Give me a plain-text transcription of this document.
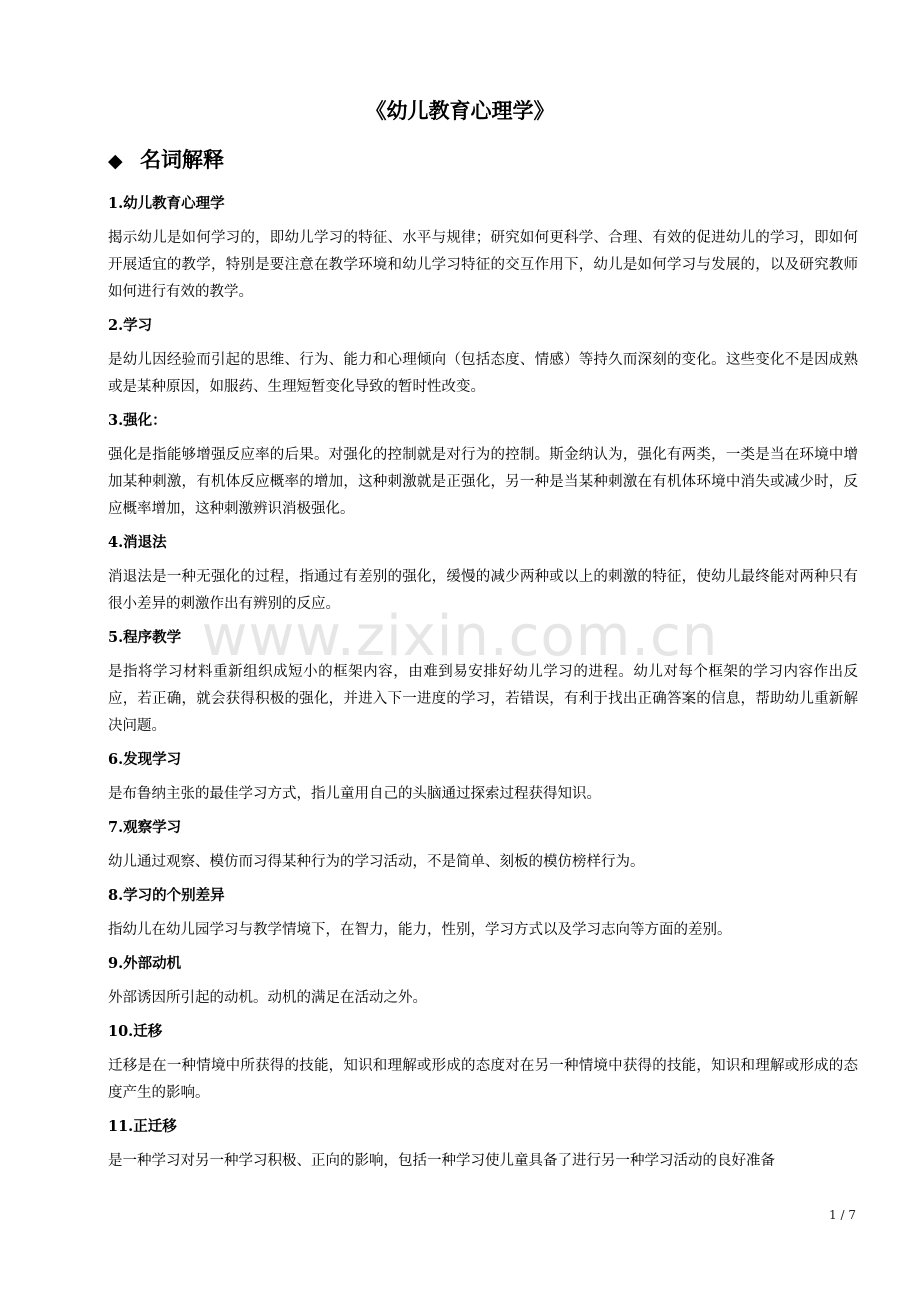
《幼儿教育心理学》
◆ 名词解释

1.幼儿教育心理学

揭示幼儿是如何学习的，即幼儿学习的特征、水平与规律；研究如何更科学、合理、有效的促进幼儿的学习，即如何开展适宜的教学，特别是要注意在教学环境和幼儿学习特征的交互作用下，幼儿是如何学习与发展的，以及研究教师如何进行有效的教学。

2.学习

是幼儿因经验而引起的思维、行为、能力和心理倾向（包括态度、情感）等持久而深刻的变化。这些变化不是因成熟或是某种原因，如服药、生理短暂变化导致的暂时性改变。

3.强化：

强化是指能够增强反应率的后果。对强化的控制就是对行为的控制。斯金纳认为，强化有两类，一类是当在环境中增加某种刺激，有机体反应概率的增加，这种刺激就是正强化，另一种是当某种刺激在有机体环境中消失或减少时，反应概率增加，这种刺激辨识消极强化。

4.消退法

消退法是一种无强化的过程，指通过有差别的强化，缓慢的减少两种或以上的刺激的特征，使幼儿最终能对两种只有很小差异的刺激作出有辨别的反应。

5.程序教学

是指将学习材料重新组织成短小的框架内容，由难到易安排好幼儿学习的进程。幼儿对每个框架的学习内容作出反应，若正确，就会获得积极的强化，并进入下一进度的学习，若错误，有利于找出正确答案的信息，帮助幼儿重新解决问题。

6.发现学习

是布鲁纳主张的最佳学习方式，指儿童用自己的头脑通过探索过程获得知识。

7.观察学习

幼儿通过观察、模仿而习得某种行为的学习活动，不是简单、刻板的模仿榜样行为。

8.学习的个别差异

指幼儿在幼儿园学习与教学情境下，在智力，能力，性别，学习方式以及学习志向等方面的差别。

9.外部动机

外部诱因所引起的动机。动机的满足在活动之外。

10.迁移

迁移是在一种情境中所获得的技能，知识和理解或形成的态度对在另一种情境中获得的技能，知识和理解或形成的态度产生的影响。

11.正迁移

是一种学习对另一种学习积极、正向的影响，包括一种学习使儿童具备了进行另一种学习活动的良好准备

www.zixin.com.cn
1 / 7
